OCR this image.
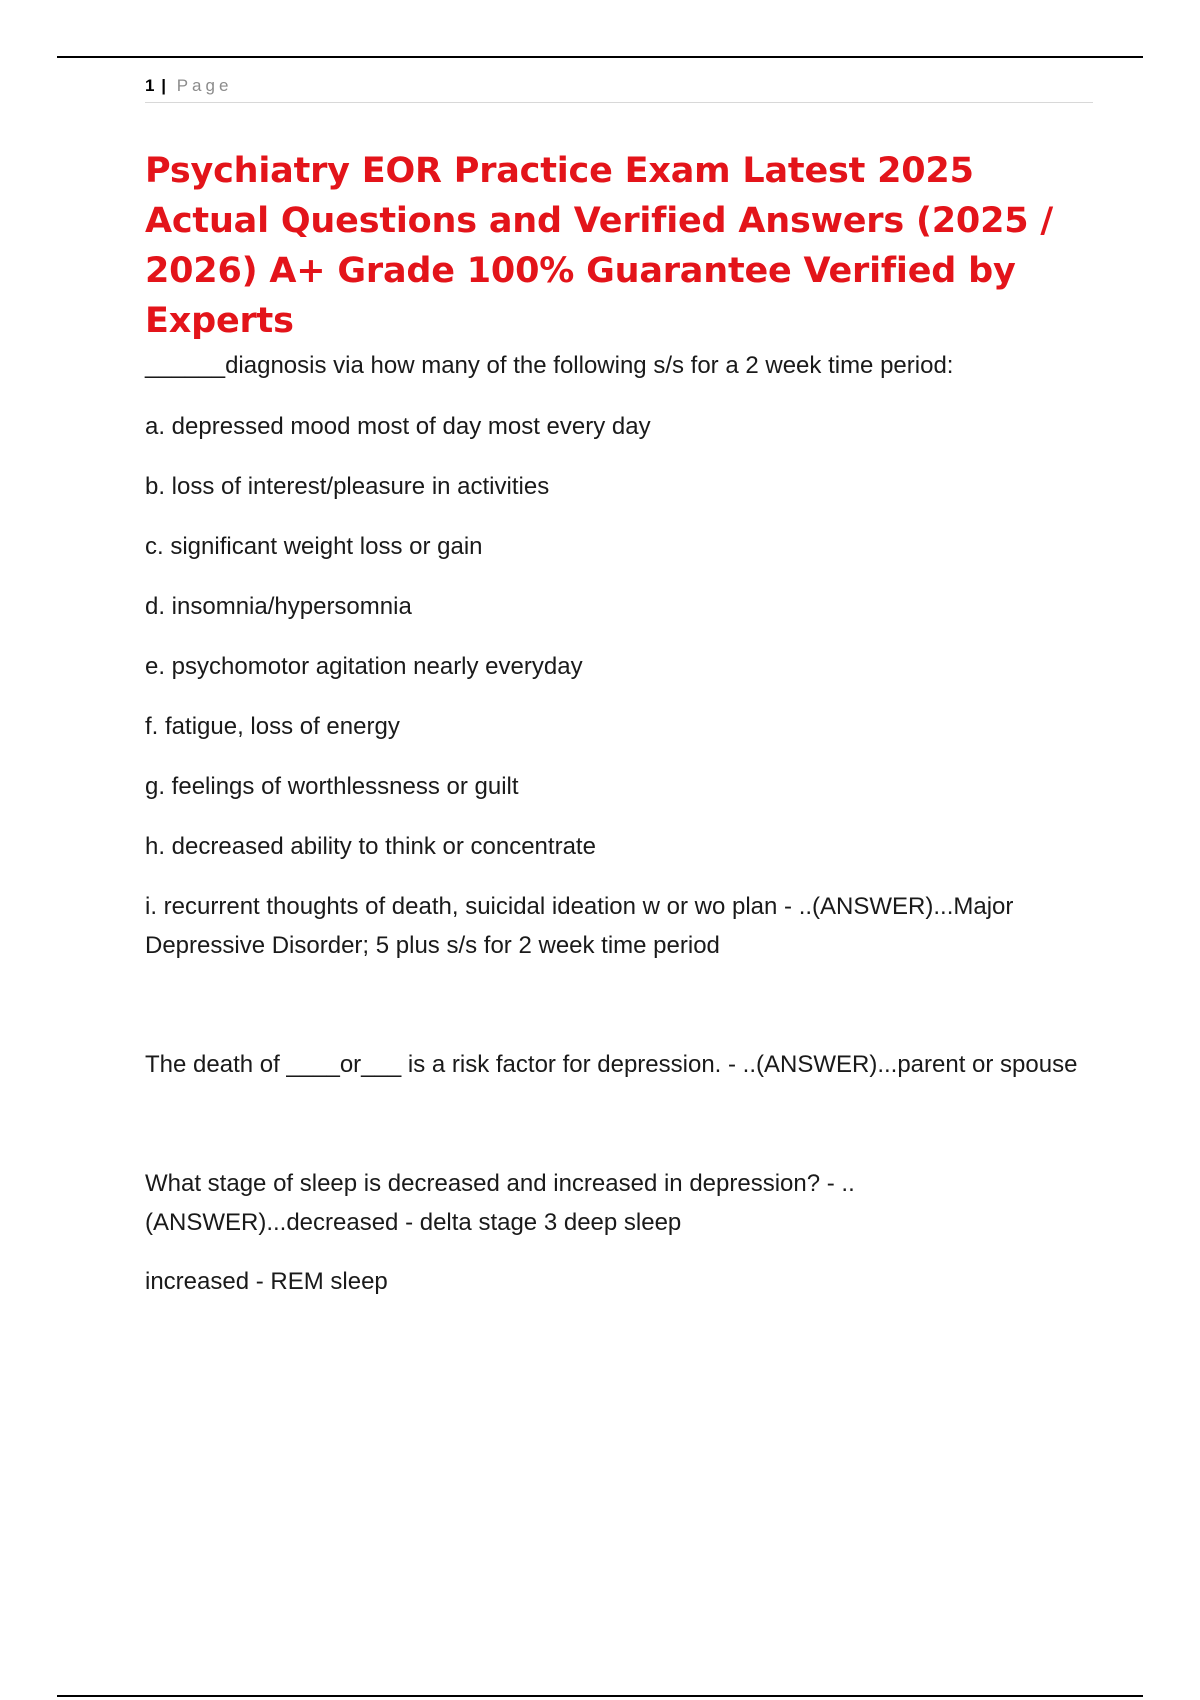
1 | Page
Psychiatry EOR Practice Exam Latest 2025 Actual Questions and Verified Answers (2025 / 2026) A+ Grade 100% Guarantee Verified by Experts

______diagnosis via how many of the following s/s for a 2 week time period:

a. depressed mood most of day most every day

b. loss of interest/pleasure in activities

c. significant weight loss or gain

d. insomnia/hypersomnia

e. psychomotor agitation nearly everyday

f. fatigue, loss of energy

g. feelings of worthlessness or guilt

h. decreased ability to think or concentrate

i. recurrent thoughts of death, suicidal ideation w or wo plan - ..(ANSWER)...Major Depressive Disorder; 5 plus s/s for 2 week time period

The death of ____or___ is a risk factor for depression. - ..(ANSWER)...parent or spouse

What stage of sleep is decreased and increased in depression? - ..(ANSWER)...decreased - delta stage 3 deep sleep

increased - REM sleep
